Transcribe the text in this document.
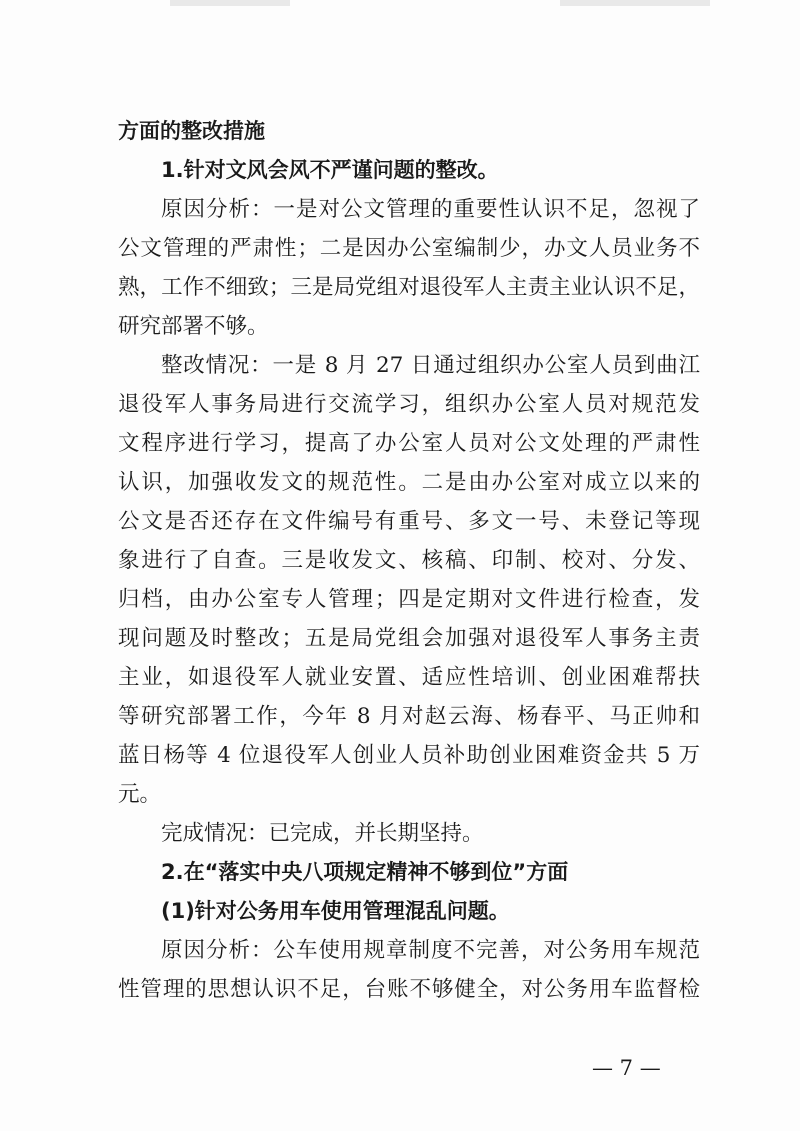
方面的整改措施
1.针对文风会风不严谨问题的整改。
原因分析：一是对公文管理的重要性认识不足，忽视了
公文管理的严肃性；二是因办公室编制少，办文人员业务不
熟，工作不细致；三是局党组对退役军人主责主业认识不足，
研究部署不够。
整改情况：一是 8 月 27 日通过组织办公室人员到曲江
退役军人事务局进行交流学习，组织办公室人员对规范发
文程序进行学习，提高了办公室人员对公文处理的严肃性
认识，加强收发文的规范性。二是由办公室对成立以来的
公文是否还存在文件编号有重号、多文一号、未登记等现
象进行了自查。三是收发文、核稿、印制、校对、分发、
归档，由办公室专人管理；四是定期对文件进行检查，发
现问题及时整改；五是局党组会加强对退役军人事务主责
主业，如退役军人就业安置、适应性培训、创业困难帮扶
等研究部署工作，今年 8 月对赵云海、杨春平、马正帅和
蓝日杨等 4 位退役军人创业人员补助创业困难资金共 5 万
元。
完成情况：已完成，并长期坚持。
2.在“落实中央八项规定精神不够到位”方面
(1)针对公务用车使用管理混乱问题。
原因分析：公车使用规章制度不完善，对公务用车规范
性管理的思想认识不足，台账不够健全，对公务用车监督检
— 7 —
